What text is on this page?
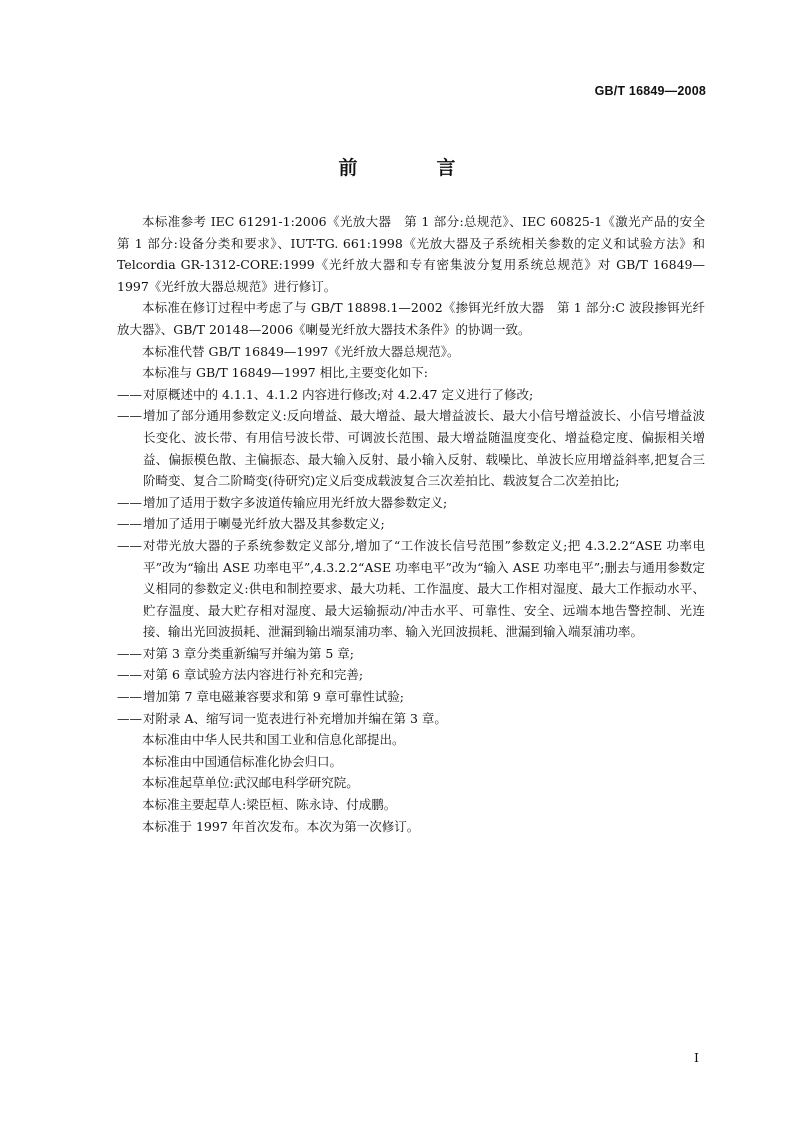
GB/T 16849—2008
前　言

本标准参考 IEC 61291-1:2006《光放大器　第 1 部分:总规范》、IEC 60825-1《激光产品的安全　第 1 部分:设备分类和要求》、IUT-TG. 661:1998《光放大器及子系统相关参数的定义和试验方法》和 Telcordia GR-1312-CORE:1999《光纤放大器和专有密集波分复用系统总规范》对 GB/T 16849—1997《光纤放大器总规范》进行修订。

本标准在修订过程中考虑了与 GB/T 18898.1—2002《掺铒光纤放大器　第 1 部分:C 波段掺铒光纤放大器》、GB/T 20148—2006《喇曼光纤放大器技术条件》的协调一致。

本标准代替 GB/T 16849—1997《光纤放大器总规范》。

本标准与 GB/T 16849—1997 相比,主要变化如下:

—— 对原概述中的 4.1.1、4.1.2 内容进行修改;对 4.2.47 定义进行了修改;
—— 增加了部分通用参数定义:反向增益、最大增益、最大增益波长、最大小信号增益波长、小信号增益波长变化、波长带、有用信号波长带、可调波长范围、最大增益随温度变化、增益稳定度、偏振相关增益、偏振模色散、主偏振态、最大输入反射、最小输入反射、载噪比、单波长应用增益斜率,把复合三阶畸变、复合二阶畸变(待研究)定义后变成载波复合三次差拍比、载波复合二次差拍比;
—— 增加了适用于数字多波道传输应用光纤放大器参数定义;
—— 增加了适用于喇曼光纤放大器及其参数定义;
—— 对带光放大器的子系统参数定义部分,增加了“工作波长信号范围”参数定义;把 4.3.2.2“ASE 功率电平”改为“输出 ASE 功率电平”,4.3.2.2“ASE 功率电平”改为“输入 ASE 功率电平”;删去与通用参数定义相同的参数定义:供电和制控要求、最大功耗、工作温度、最大工作相对湿度、最大工作振动水平、贮存温度、最大贮存相对湿度、最大运输振动/冲击水平、可靠性、安全、远端本地告警控制、光连接、输出光回波损耗、泄漏到输出端泵浦功率、输入光回波损耗、泄漏到输入端泵浦功率。
—— 对第 3 章分类重新编写并编为第 5 章;
—— 对第 6 章试验方法内容进行补充和完善;
—— 增加第 7 章电磁兼容要求和第 9 章可靠性试验;
—— 对附录 A、缩写词一览表进行补充增加并编在第 3 章。

本标准由中华人民共和国工业和信息化部提出。

本标准由中国通信标准化协会归口。

本标准起草单位:武汉邮电科学研究院。

本标准主要起草人:梁臣桓、陈永诗、付成鹏。

本标准于 1997 年首次发布。本次为第一次修订。

I
